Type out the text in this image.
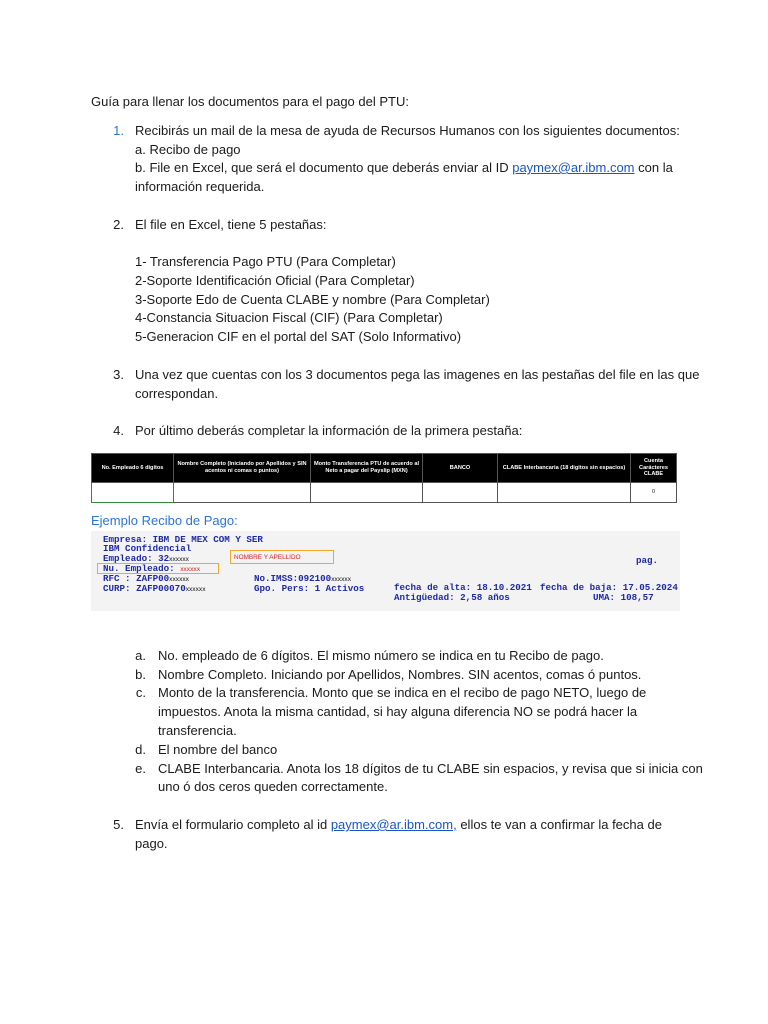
Guía para llenar los documentos para el pago del PTU:
1. Recibirás un mail de la mesa de ayuda de Recursos Humanos con los siguientes documentos:
a. Recibo de pago
b. File en Excel, que será el documento que deberás enviar al ID paymex@ar.ibm.com con la
información requerida.
2. El file en Excel, tiene 5 pestañas:
1- Transferencia Pago PTU (Para Completar)
2-Soporte Identificación Oficial (Para Completar)
3-Soporte Edo de Cuenta CLABE y nombre (Para Completar)
4-Constancia Situacion Fiscal (CIF) (Para Completar)
5-Generacion CIF en el portal del SAT (Solo Informativo)
3. Una vez que cuentas con los 3 documentos pega las imagenes en las pestañas del file en las que
correspondan.
4. Por último deberás completar la información de la primera pestaña:
No. Empleado 6 digitos	Nombre Completo (Iniciando por Apellidos y SIN acentos ni comas o puntos)	Monto Transferencia PTU de acuerdo al Neto a pagar del Payslip (MXN)	BANCO	CLABE Interbancaria (18 digitos sin espacios)	Cuenta Carácteres CLABE
					0
Ejemplo Recibo de Pago:
Empresa: IBM DE MEX COM Y SER
IBM Confidencial
Empleado: 32xxxxxx	NOMBRE Y APELLIDO	pag.
Nu. Empleado: xxxxxx
RFC : ZAFP00xxxxxx	No.IMSS:092100xxxxxx
fecha de alta: 18.10.2021 fecha de baja: 17.05.2024
CURP: ZAFP00070xxxxxx	Gpo. Pers: 1 Activos
Antigüedad: 2,58 años	UMA: 108,57
a. No. empleado de 6 dígitos. El mismo número se indica en tu Recibo de pago.
b. Nombre Completo. Iniciando por Apellidos, Nombres. SIN acentos, comas ó puntos.
c. Monto de la transferencia. Monto que se indica en el recibo de pago NETO, luego de
impuestos. Anota la misma cantidad, si hay alguna diferencia NO se podrá hacer la
transferencia.
d. El nombre del banco
e. CLABE Interbancaria. Anota los 18 dígitos de tu CLABE sin espacios, y revisa que si inicia con
uno ó dos ceros queden correctamente.
5. Envía el formulario completo al id paymex@ar.ibm.com, ellos te van a confirmar la fecha de
pago.
